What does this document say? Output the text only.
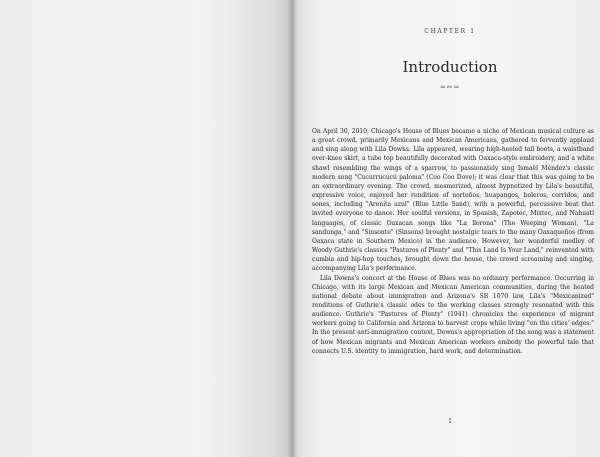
CHAPTER 1
Introduction
≈∾≈

On April 30, 2010, Chicago's House of Blues became a niche of Mexican musical culture as a great crowd, primarily Mexicans and Mexican Americans, gathered to fervently applaud and sing along with Lila Downs. Lila appeared, wearing high-heeled tall boots, a waistband over-knee skirt, a tube top beautifully decorated with Oaxaca-style embroidery, and a white shawl resembling the wings of a sparrow, to passionately sing Ismaël Méndez's classic modern song "Cucurrucucú paloma" (Coo Coo Dove); it was clear that this was going to be an extraordinary evening. The crowd, mesmerized, almost hypnotized by Lila's beautiful, expressive voice, enjoyed her rendition of norteños, huapangos, boleros, corridos, and sones, including "Arenita azul" (Blue Little Sand), with a powerful, percussive beat that invited everyone to dance. Her soulful versions, in Spanish, Zapotec, Mixtec, and Nahuatl languages, of classic Oaxacan songs like "La llorona" (The Weeping Woman), "La sandunga," and "Sinsonte" (Sinsons) brought nostalgic tears to the many Oaxaqueños (from Oaxaca state in Southern Mexico) in the audience. However, her wonderful medley of Woody Guthrie's classics "Pastures of Plenty" and "This Land Is Your Land," reinvented with cumbia and hip-hop touches, brought down the house, the crowd screaming and singing, accompanying Lila's performance.

Lila Downs's concert at the House of Blues was no ordinary performance. Occurring in Chicago, with its large Mexican and Mexican American communities, during the heated national debate about immigration and Arizona's SB 1070 law, Lila's "Mexicanized" renditions of Guthrie's classic odes to the working classes strongly resonated with this audience. Guthrie's "Pastures of Plenty" (1941) chronicles the experience of migrant workers going to California and Arizona to harvest crops while living "on the cities' edges." In the present anti-immigration context, Downs's appropriation of the song was a statement of how Mexican migrants and Mexican American workers embody the powerful tale that connects U.S. identity to immigration, hard work, and determination.

1
